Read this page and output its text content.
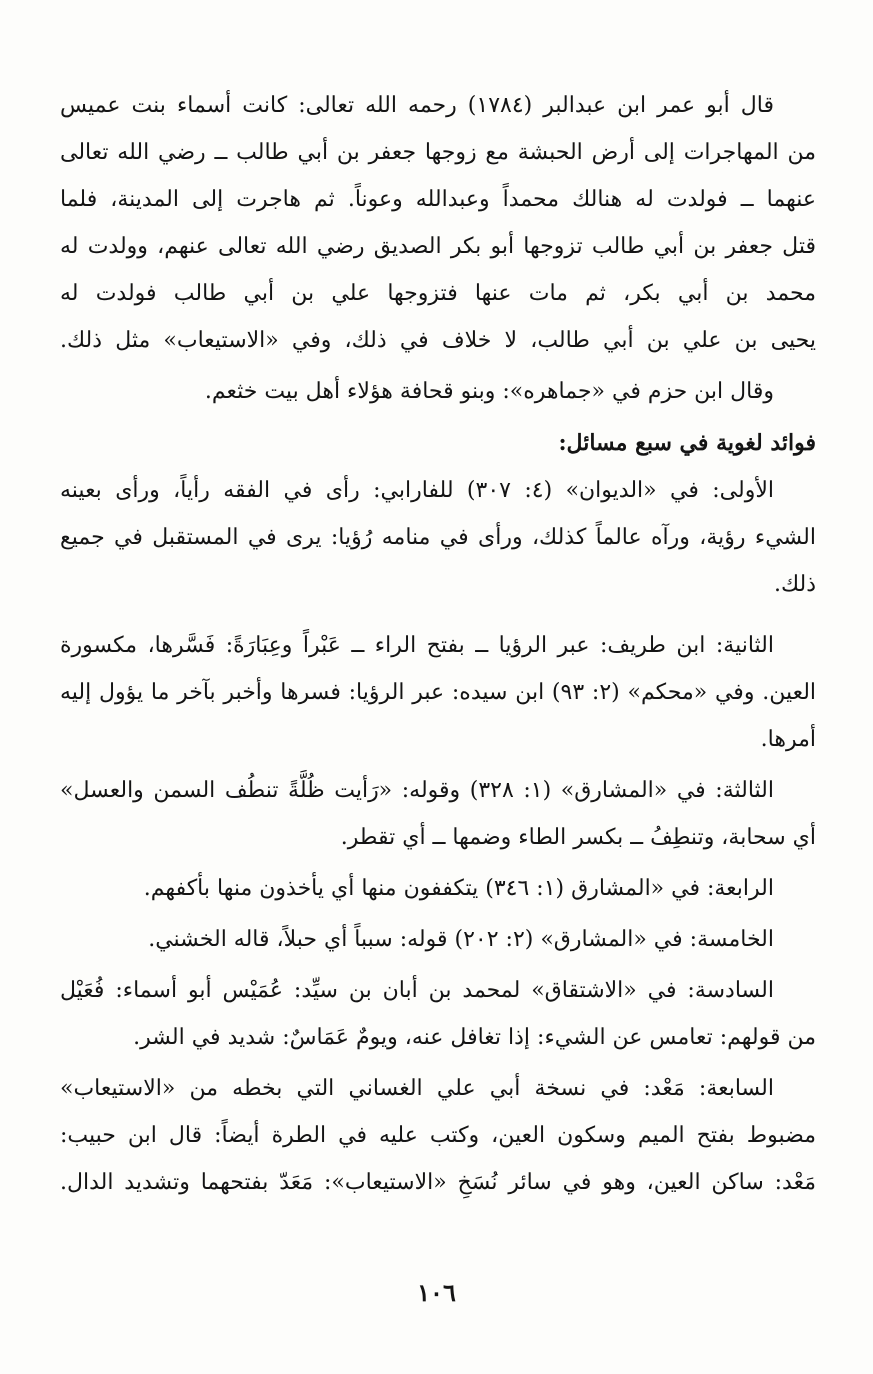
قال أبو عمر ابن عبدالبر (١٧٨٤) رحمه الله تعالى: كانت أسماء بنت عميس
من المهاجرات إلى أرض الحبشة مع زوجها جعفر بن أبي طالب ــ رضي الله تعالى
عنهما ــ فولدت له هنالك محمداً وعبدالله وعوناً. ثم هاجرت إلى المدينة، فلما
قتل جعفر بن أبي طالب تزوجها أبو بكر الصديق رضي الله تعالى عنهم، وولدت له
محمد بن أبي بكر، ثم مات عنها فتزوجها علي بن أبي طالب فولدت له
يحيى بن علي بن أبي طالب، لا خلاف في ذلك، وفي «الاستيعاب» مثل ذلك.

وقال ابن حزم في «جماهره»: وبنو قحافة هؤلاء أهل بيت خثعم.

فوائد لغوية في سبع مسائل:

الأولى: في «الديوان» (٤: ٣٠٧) للفارابي: رأى في الفقه رأياً، ورأى بعينه
الشيء رؤية، ورآه عالماً كذلك، ورأى في منامه رُؤيا: يرى في المستقبل في جميع
ذلك.

الثانية: ابن طريف: عبر الرؤيا ــ بفتح الراء ــ عَبْراً وعِبَارَةً: فَسَّرها، مكسورة
العين. وفي «محكم» (٢: ٩٣) ابن سيده: عبر الرؤيا: فسرها وأخبر بآخر ما يؤول إليه
أمرها.

الثالثة: في «المشارق» (١: ٣٢٨) وقوله: «رَأيت ظُلَّةً تنطُف السمن والعسل»
أي سحابة، وتنطِفُ ــ بكسر الطاء وضمها ــ أي تقطر.

الرابعة: في «المشارق (١: ٣٤٦) يتكففون منها أي يأخذون منها بأكفهم.

الخامسة: في «المشارق» (٢: ٢٠٢) قوله: سبباً أي حبلاً، قاله الخشني.

السادسة: في «الاشتقاق» لمحمد بن أبان بن سيِّد: عُمَيْس أبو أسماء: فُعَيْل
من قولهم: تعامس عن الشيء: إذا تغافل عنه، ويومٌ عَمَاسٌ: شديد في الشر.

السابعة: مَعْد: في نسخة أبي علي الغساني التي بخطه من «الاستيعاب»
مضبوط بفتح الميم وسكون العين، وكتب عليه في الطرة أيضاً: قال ابن حبيب:
مَعْد: ساكن العين، وهو في سائر نُسَخِ «الاستيعاب»: مَعَدّ بفتحهما وتشديد الدال.

١٠٦
